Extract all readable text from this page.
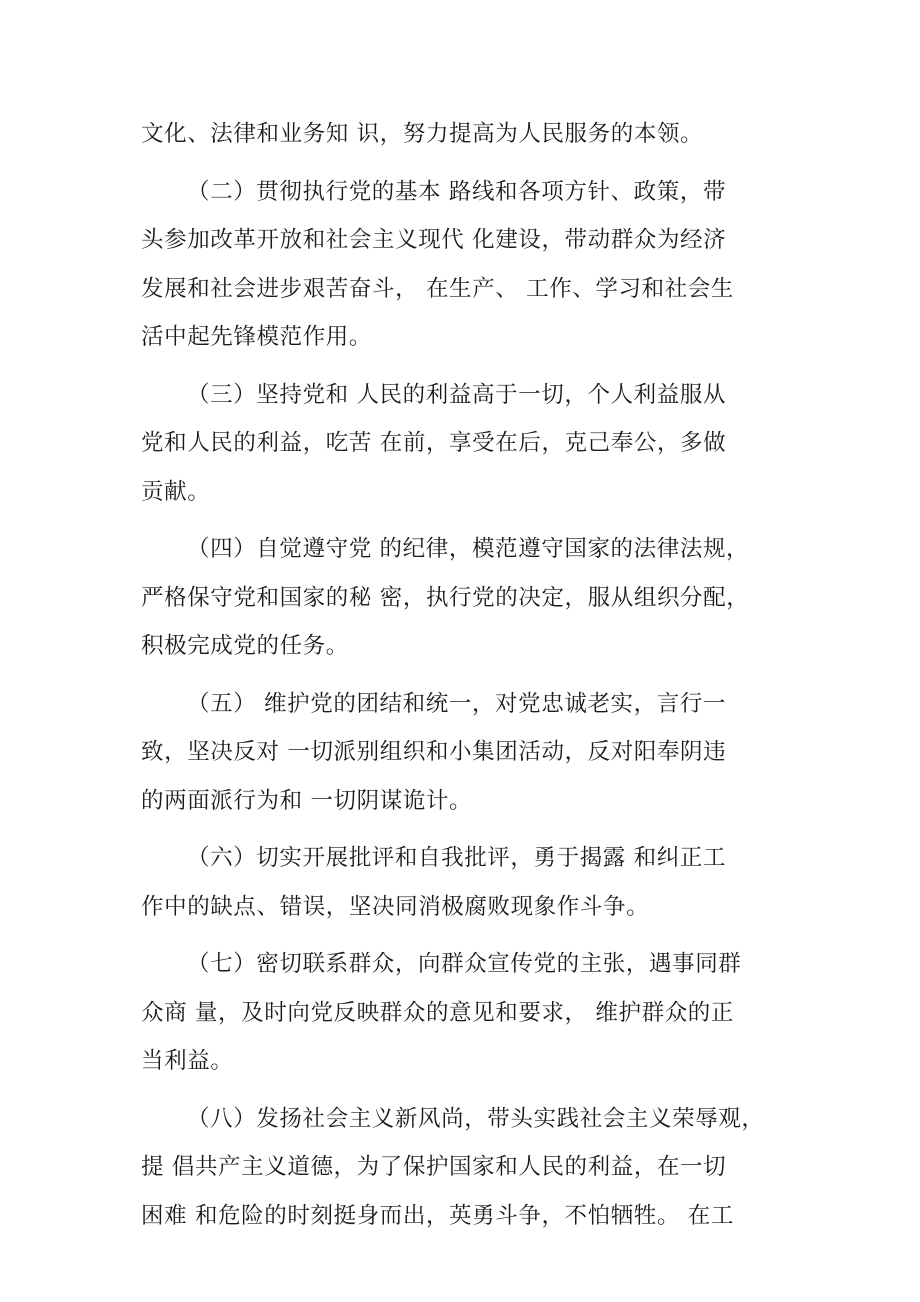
文化、法律和业务知 识，努力提高为人民服务的本领。

（二）贯彻执行党的基本 路线和各项方针、政策，带

头参加改革开放和社会主义现代 化建设，带动群众为经济

发展和社会进步艰苦奋斗， 在生产、 工作、学习和社会生

活中起先锋模范作用。

（三）坚持党和 人民的利益高于一切，个人利益服从

党和人民的利益，吃苦 在前，享受在后，克己奉公，多做

贡献。

（四）自觉遵守党 的纪律，模范遵守国家的法律法规，

严格保守党和国家的秘 密，执行党的决定，服从组织分配，

积极完成党的任务。

（五） 维护党的团结和统一，对党忠诚老实，言行一

致，坚决反对 一切派别组织和小集团活动，反对阳奉阴违

的两面派行为和 一切阴谋诡计。

（六）切实开展批评和自我批评，勇于揭露 和纠正工

作中的缺点、错误，坚决同消极腐败现象作斗争。

（七）密切联系群众，向群众宣传党的主张，遇事同群

众商 量，及时向党反映群众的意见和要求， 维护群众的正

当利益。

（八）发扬社会主义新风尚，带头实践社会主义荣辱观，

提 倡共产主义道德，为了保护国家和人民的利益，在一切

困难 和危险的时刻挺身而出，英勇斗争，不怕牺牲。 在工
